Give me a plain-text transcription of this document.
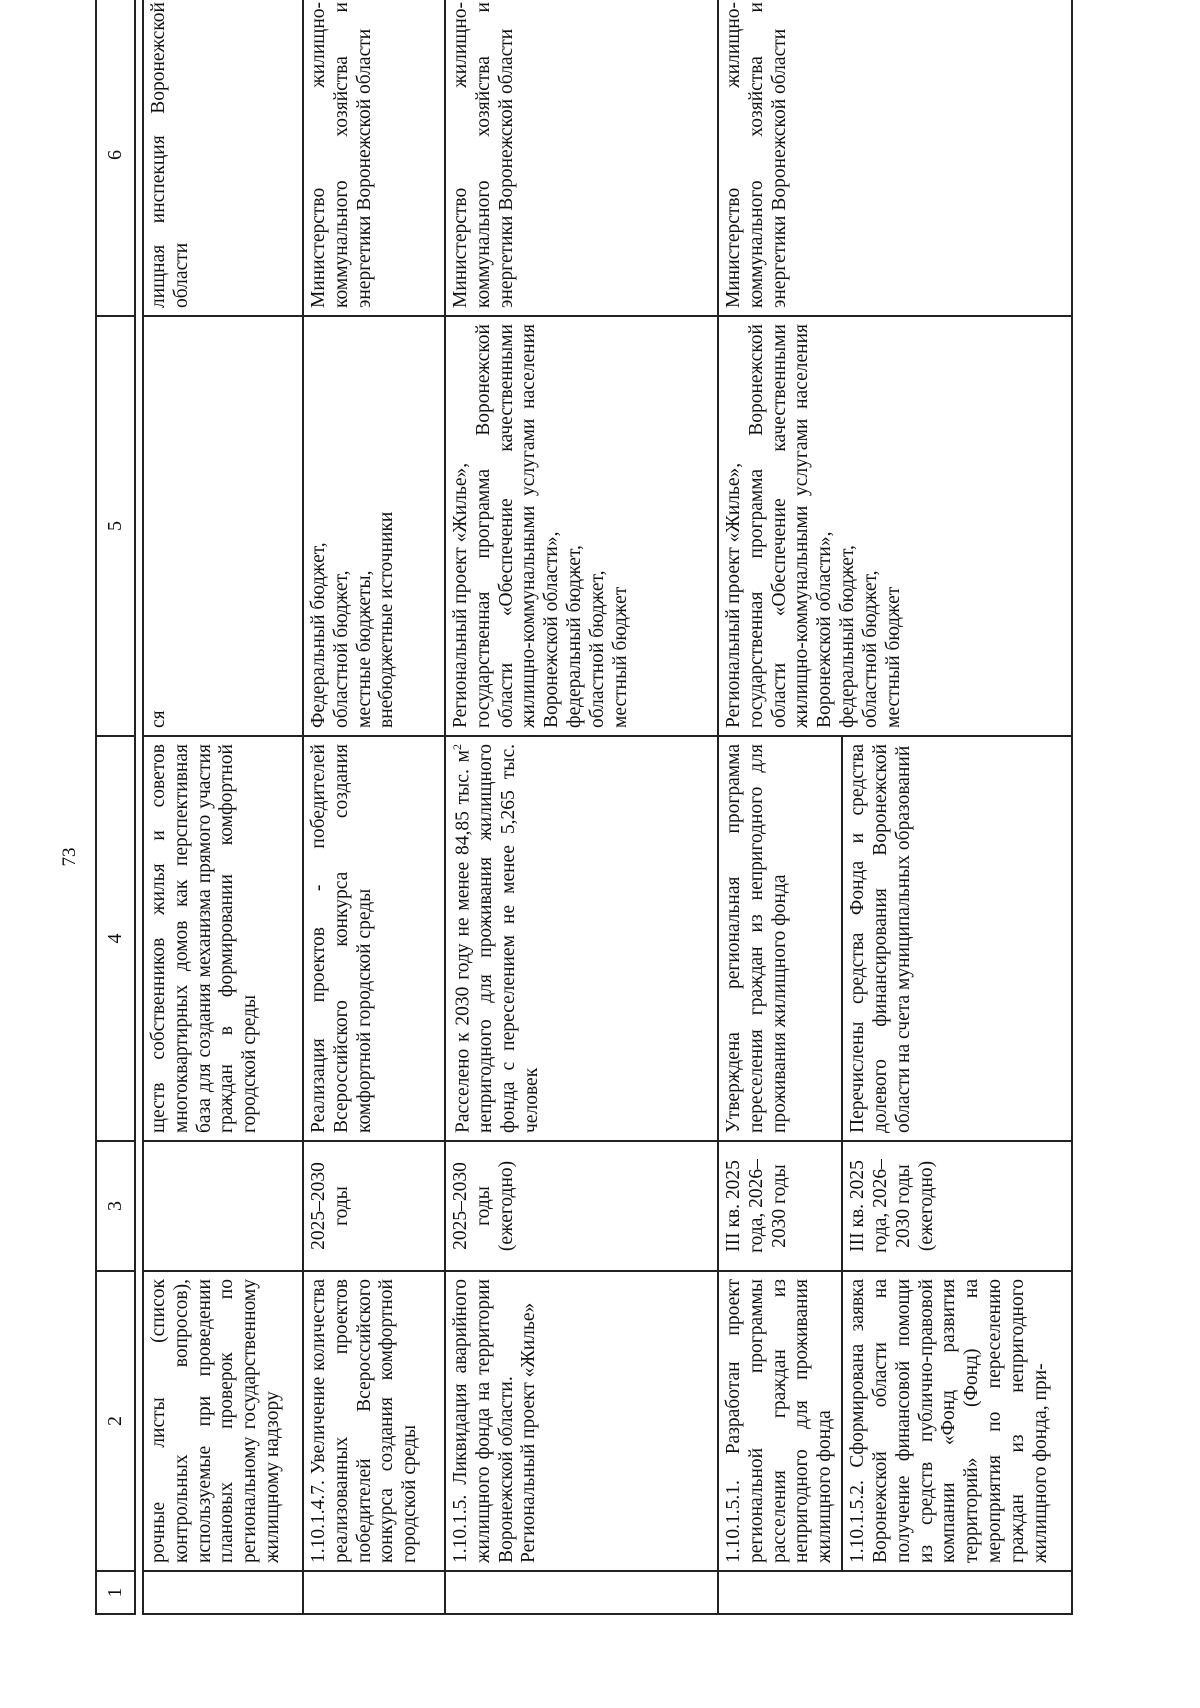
73
1	2	3	4	5	6

	рочные листы (список контрольных вопросов), используемые при проведении плановых проверок по региональному государственному жилищному надзору		ществ собственников жилья и советов многоквартирных домов как перспективная база для создания механизма прямого участия граждан в формировании комфортной городской среды	ся	лищная инспекция Воронежской области
	1.10.1.4.7. Увеличение количества реализованных проектов победителей Всероссийского конкурса создания комфортной городской среды	2025–2030 годы	Реализация проектов - победителей Всероссийского конкурса создания комфортной городской среды	Федеральный бюджет,
областной бюджет,
местные бюджеты,
внебюджетные источники	Министерство жилищно-коммунального хозяйства и энергетики Воронежской области
	1.10.1.5. Ликвидация аварийного жилищного фонда на территории Воронежской области.
Региональный проект «Жилье»	2025–2030 годы (ежегодно)	Расселено к 2030 году не менее 84,85 тыс. $м^2$ непригодного для проживания жилищного фонда с переселением не менее 5,265 тыс. человек	Региональный проект «Жилье»,
государственная программа Воронежской области «Обеспечение качественными жилищно-коммунальными услугами населения Воронежской области»,
федеральный бюджет,
областной бюджет,
местный бюджет	Министерство жилищно-коммунального хозяйства и энергетики Воронежской области
	1.10.1.5.1. Разработан проект региональной программы расселения граждан из непригодного для проживания жилищного фонда	III кв. 2025 года, 2026–2030 годы	Утверждена региональная программа переселения граждан из непригодного для проживания жилищного фонда	Региональный проект «Жилье»,
государственная программа Воронежской области «Обеспечение качественными жилищно-коммунальными услугами населения Воронежской области»,
федеральный бюджет,
областной бюджет,
местный бюджет	Министерство жилищно-коммунального хозяйства и энергетики Воронежской области
	1.10.1.5.2. Сформирована заявка Воронежской области на получение финансовой помощи из средств публично-правовой компании «Фонд развития территорий» (Фонд) на мероприятия по переселению граждан из непригодного жилищного фонда, при-	III кв. 2025 года, 2026–2030 годы (ежегодно)	Перечислены средства Фонда и средства долевого финансирования Воронежской области на счета муниципальных образований		
